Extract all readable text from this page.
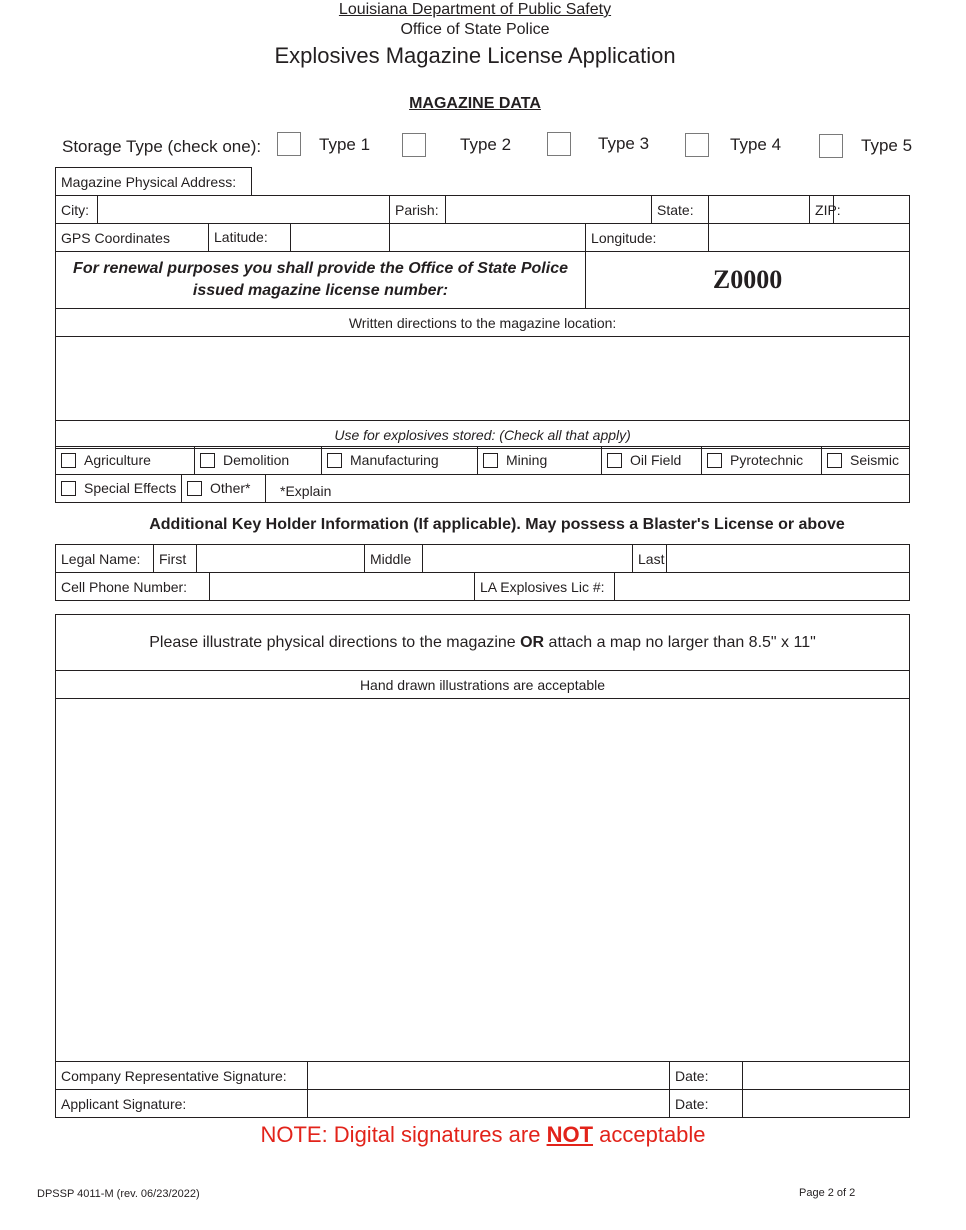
Louisiana Department of Public Safety
Office of State Police
Explosives Magazine License Application
MAGAZINE DATA
Storage Type (check one):	Type 1	Type 2	Type 3	Type 4	Type 5
Magazine Physical Address:										
City:				Parish:			State:		ZIP:	
GPS Coordinates		Latitude:				Longitude:				
For renewal purposes you shall provide the Office of State Police issued magazine license number:						Z0000				
Written directions to the magazine location:										

Use for explosives stored: (Check all that apply)										
Agriculture	Demolition	Manufacturing	Mining	Oil Field	Pyrotechnic	Seismic
Special Effects	Other*	*Explain
Additional Key Holder Information (If applicable). May possess a Blaster's License or above
Legal Name:	First		Middle		Last	
Cell Phone Number:		LA Explosives Lic #:	
Please illustrate physical directions to the magazine OR attach a map no larger than 8.5" x 11"			
Hand drawn illustrations are acceptable			

Company Representative Signature:		Date:	
Applicant Signature:		Date:	
NOTE: Digital signatures are NOT acceptable
DPSSP 4011-M (rev. 06/23/2022)	Page 2 of 2
